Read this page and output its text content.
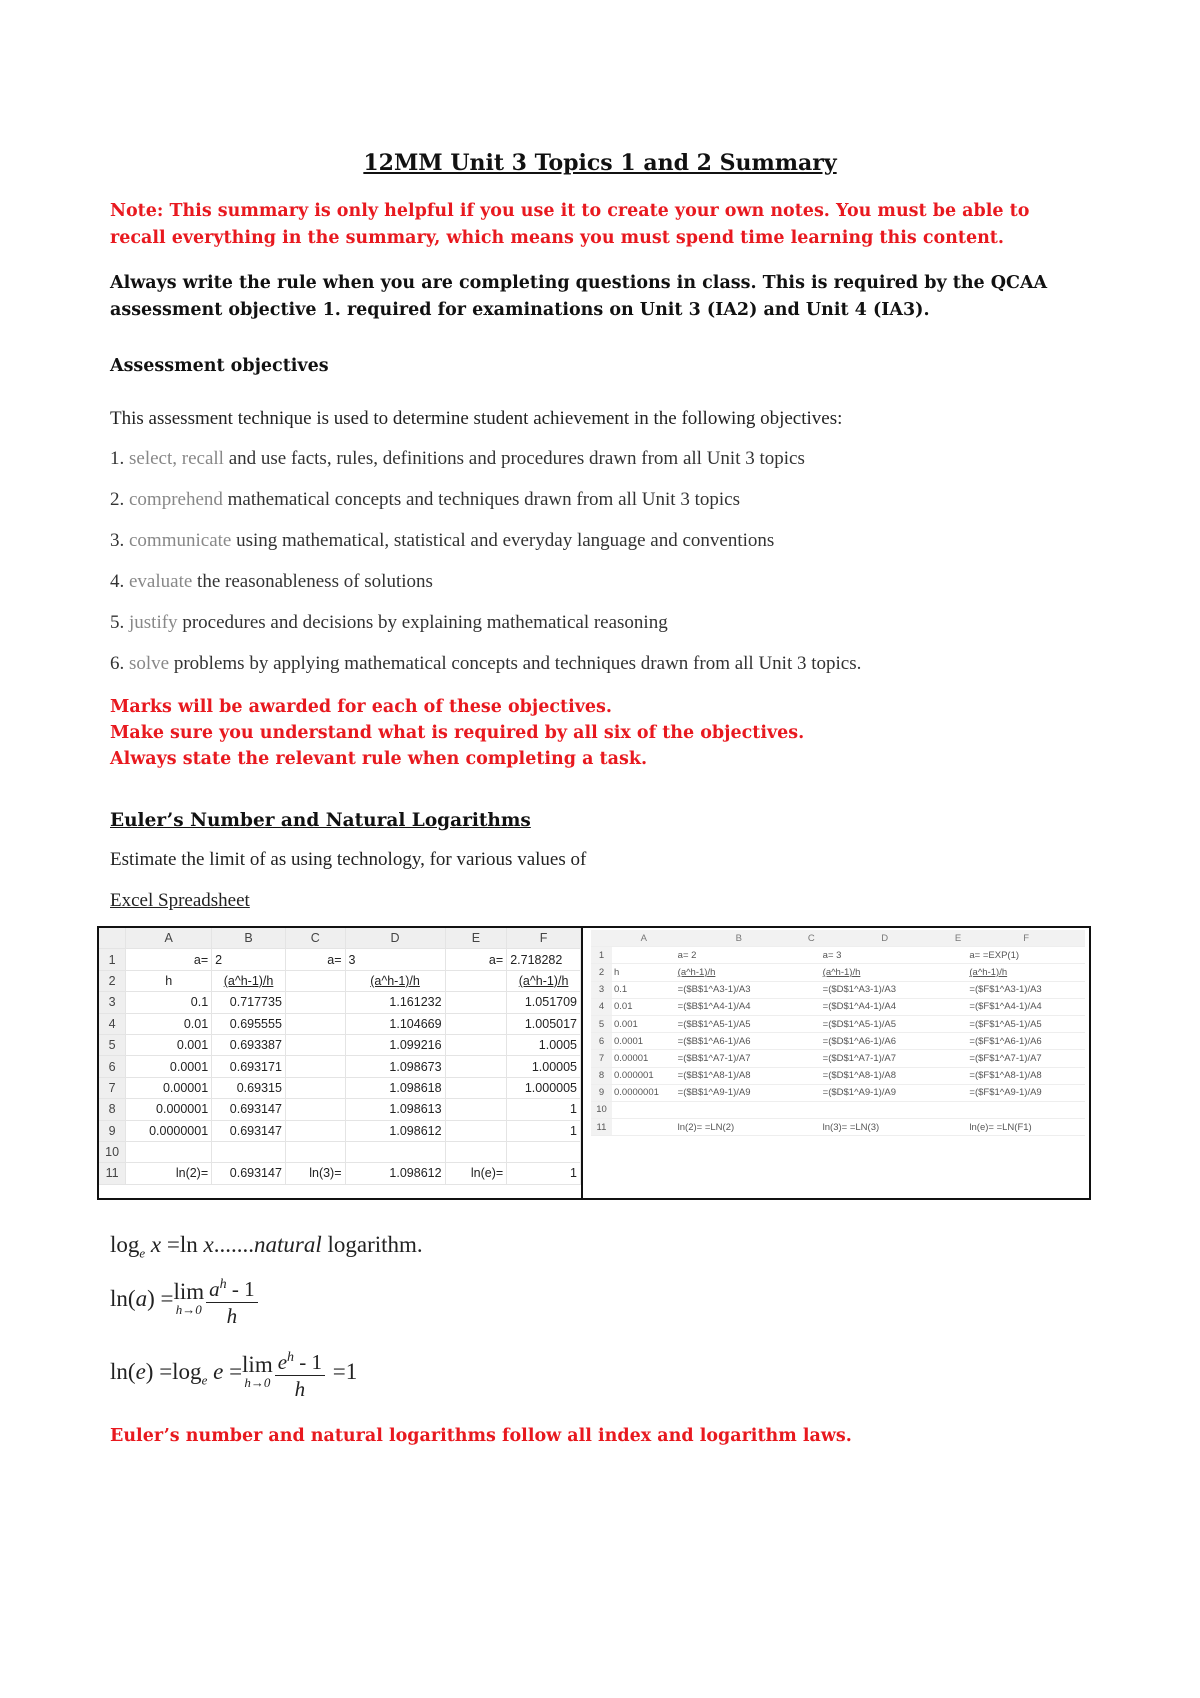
12MM Unit 3 Topics 1 and 2 Summary
Note: This summary is only helpful if you use it to create your own notes. You must be able to recall everything in the summary, which means you must spend time learning this content.
Always write the rule when you are completing questions in class. This is required by the QCAA assessment objective 1. required for examinations on Unit 3 (IA2) and Unit 4 (IA3).
Assessment objectives
This assessment technique is used to determine student achievement in the following objectives:
1. select, recall and use facts, rules, definitions and procedures drawn from all Unit 3 topics
2. comprehend mathematical concepts and techniques drawn from all Unit 3 topics
3. communicate using mathematical, statistical and everyday language and conventions
4. evaluate the reasonableness of solutions
5. justify procedures and decisions by explaining mathematical reasoning
6. solve problems by applying mathematical concepts and techniques drawn from all Unit 3 topics.
Marks will be awarded for each of these objectives.
Make sure you understand what is required by all six of the objectives.
Always state the relevant rule when completing a task.
Euler’s Number and Natural Logarithms
Estimate the limit of as using technology, for various values of
Excel Spreadsheet
	A	B	C	D	E	F
1	a=	2	a=	3	a=	2.718282
2	h	(a^h-1)/h		(a^h-1)/h		(a^h-1)/h
3	0.1	0.717735		1.161232		1.051709
4	0.01	0.695555		1.104669		1.005017
5	0.001	0.693387		1.099216		1.0005
6	0.0001	0.693171		1.098673		1.00005
7	0.00001	0.69315		1.098618		1.000005
8	0.000001	0.693147		1.098613		1
9	0.0000001	0.693147		1.098612		1
10						
11	ln(2)=	0.693147	ln(3)=	1.098612	ln(e)=	1
	A	B	C	D	E	F
1		a= 2		a= 3		a= =EXP(1)
2	h	(a^h-1)/h		(a^h-1)/h		(a^h-1)/h
3	0.1	=($B$1^A3-1)/A3		=($D$1^A3-1)/A3		=($F$1^A3-1)/A3
4	0.01	=($B$1^A4-1)/A4		=($D$1^A4-1)/A4		=($F$1^A4-1)/A4
5	0.001	=($B$1^A5-1)/A5		=($D$1^A5-1)/A5		=($F$1^A5-1)/A5
6	0.0001	=($B$1^A6-1)/A6		=($D$1^A6-1)/A6		=($F$1^A6-1)/A6
7	0.00001	=($B$1^A7-1)/A7		=($D$1^A7-1)/A7		=($F$1^A7-1)/A7
8	0.000001	=($B$1^A8-1)/A8		=($D$1^A8-1)/A8		=($F$1^A8-1)/A8
9	0.0000001	=($B$1^A9-1)/A9		=($D$1^A9-1)/A9		=($F$1^A9-1)/A9
10						
11		ln(2)= =LN(2)		ln(3)= =LN(3)		ln(e)= =LN(F1)
$\log_e x =\ln$ x.......natural logarithm.
ln(a) =lim
$h\to 0 \frac{a^h - 1}{h}$
$\ln(e) =\log_e$ e =lim
$h\to 0 \frac{e^h - 1}{h} =1$
Euler’s number and natural logarithms follow all index and logarithm laws.
